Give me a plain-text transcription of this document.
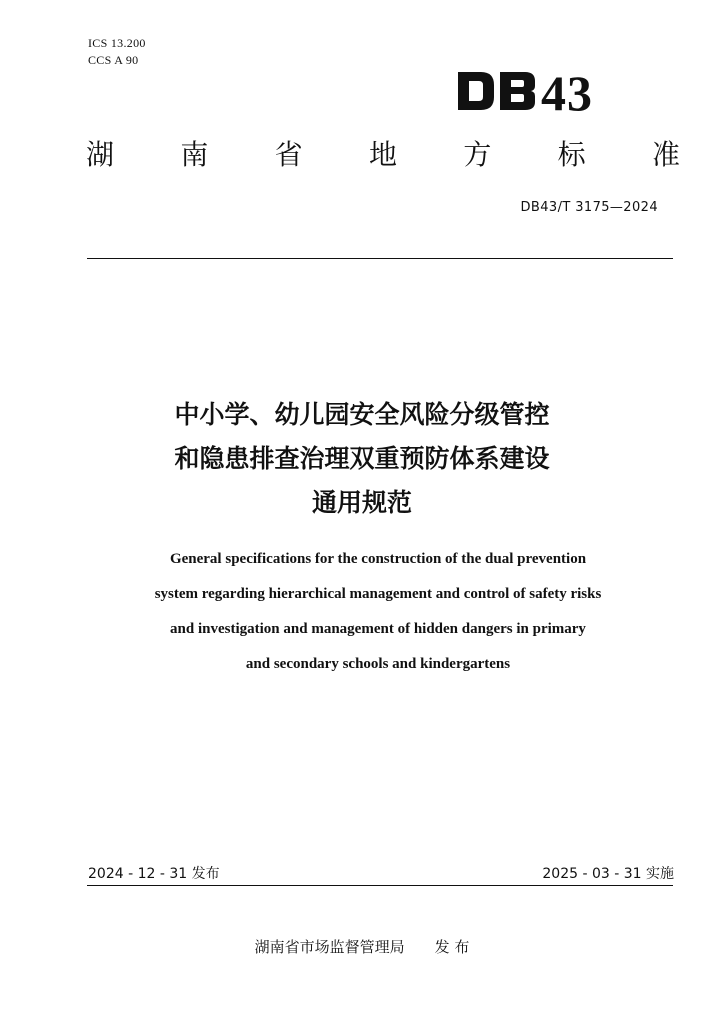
ICS 13.200
CCS A 90
43
湖 南 省 地 方 标 准
DB43/T 3175—2024
中小学、幼儿园安全风险分级管控
和隐患排查治理双重预防体系建设
通用规范
General specifications for the construction of the dual prevention
system regarding hierarchical management and control of safety risks
and investigation and management of hidden dangers in primary
and secondary schools and kindergartens
2024 - 12 - 31 发布	2025 - 03 - 31 实施
湖南省市场监督管理局 发 布
